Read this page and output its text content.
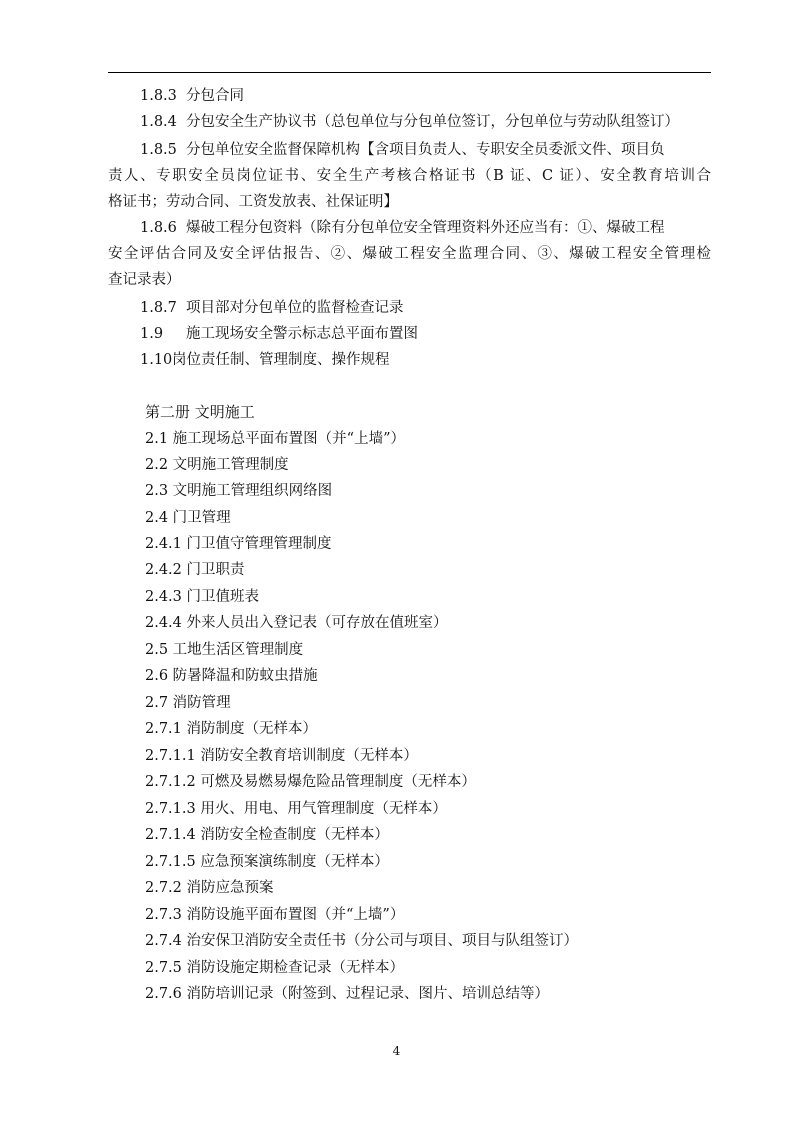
1.8.3 分包合同
1.8.4 分包安全生产协议书（总包单位与分包单位签订，分包单位与劳动队组签订）
1.8.5 分包单位安全监督保障机构【含项目负责人、专职安全员委派文件、项目负
责人、专职安全员岗位证书、安全生产考核合格证书（B 证、C 证）、安全教育培训合
格证书；劳动合同、工资发放表、社保证明】
1.8.6 爆破工程分包资料（除有分包单位安全管理资料外还应当有：①、爆破工程
安全评估合同及安全评估报告、②、爆破工程安全监理合同、③、爆破工程安全管理检
查记录表）
1.8.7 项目部对分包单位的监督检查记录
1.9 施工现场安全警示标志总平面布置图
1.10岗位责任制、管理制度、操作规程
第二册 文明施工
2.1 施工现场总平面布置图（并“上墙”）
2.2 文明施工管理制度
2.3 文明施工管理组织网络图
2.4 门卫管理
2.4.1 门卫值守管理管理制度
2.4.2 门卫职责
2.4.3 门卫值班表
2.4.4 外来人员出入登记表（可存放在值班室）
2.5 工地生活区管理制度
2.6 防暑降温和防蚊虫措施
2.7 消防管理
2.7.1 消防制度（无样本）
2.7.1.1 消防安全教育培训制度（无样本）
2.7.1.2 可燃及易燃易爆危险品管理制度（无样本）
2.7.1.3 用火、用电、用气管理制度（无样本）
2.7.1.4 消防安全检查制度（无样本）
2.7.1.5 应急预案演练制度（无样本）
2.7.2 消防应急预案
2.7.3 消防设施平面布置图（并“上墙”）
2.7.4 治安保卫消防安全责任书（分公司与项目、项目与队组签订）
2.7.5 消防设施定期检查记录（无样本）
2.7.6 消防培训记录（附签到、过程记录、图片、培训总结等）
4
